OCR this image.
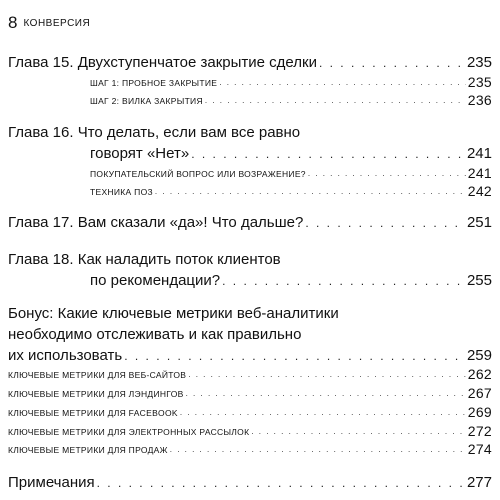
8 КОНВЕРСИЯ
Глава 15. Двухступенчатое закрытие сделки . . .	235
ШАГ 1: ПРОБНОЕ ЗАКРЫТИЕ . . .	235
ШАГ 2: ВИЛКА ЗАКРЫТИЯ . . .	236
Глава 16. Что делать, если вам все равно
говорят «Нет» . . .	241
ПОКУПАТЕЛЬСКИЙ ВОПРОС ИЛИ ВОЗРАЖЕНИЕ? . . .	241
ТЕХНИКА ПОЗ . . .	242
Глава 17. Вам сказали «да»! Что дальше? . . .	251
Глава 18. Как наладить поток клиентов
по рекомендации? . . .	255
Бонус: Какие ключевые метрики веб-аналитики
необходимо отслеживать и как правильно
их использовать . . .	259
КЛЮЧЕВЫЕ МЕТРИКИ ДЛЯ ВЕБ-САЙТОВ . . .	262
КЛЮЧЕВЫЕ МЕТРИКИ ДЛЯ ЛЭНДИНГОВ . . .	267
КЛЮЧЕВЫЕ МЕТРИКИ ДЛЯ FACEBOOK . . .	269
КЛЮЧЕВЫЕ МЕТРИКИ ДЛЯ ЭЛЕКТРОННЫХ РАССЫЛОК . . .	272
КЛЮЧЕВЫЕ МЕТРИКИ ДЛЯ ПРОДАЖ . . .	274
Примечания . . .	277
